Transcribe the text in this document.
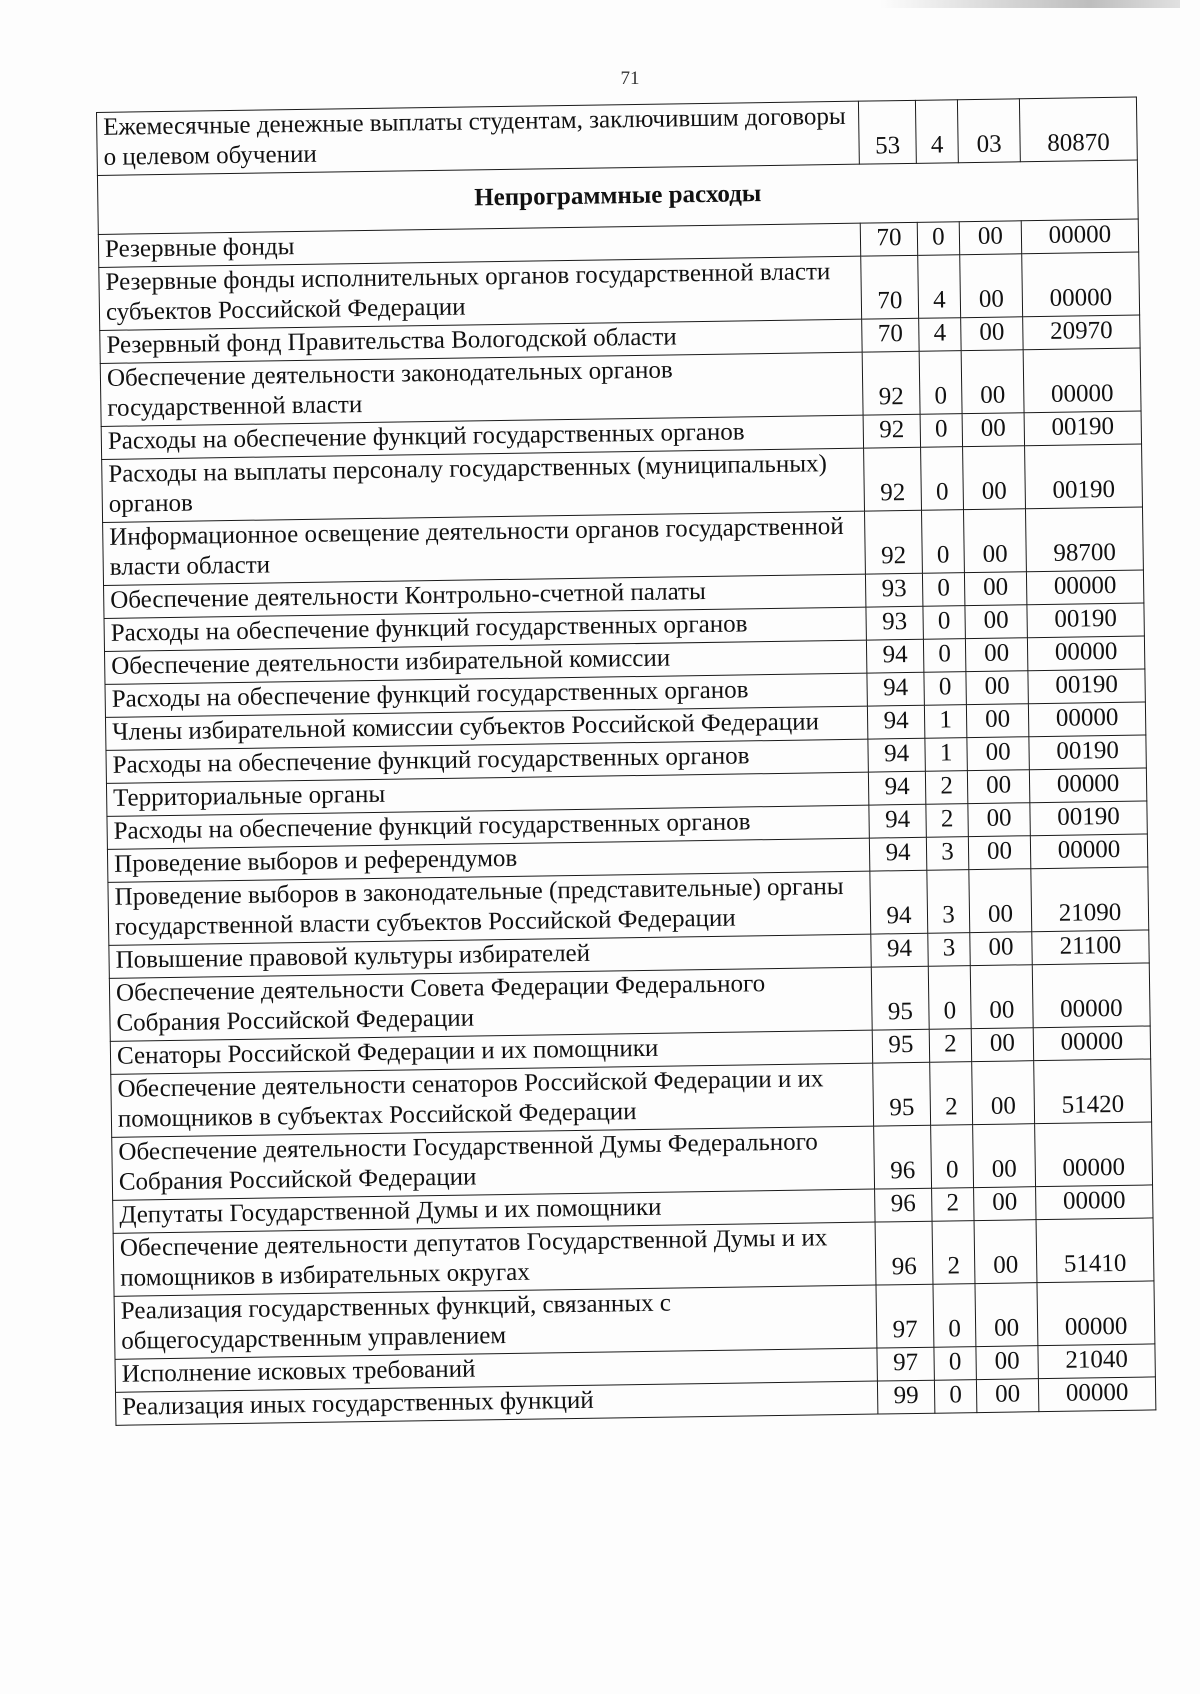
71
Ежемесячные денежные выплаты студентам, заключившим договоры о целевом обучении	53	4	03	80870
Непрограммные расходы				
Резервные фонды	70	0	00	00000
Резервные фонды исполнительных органов государственной власти субъектов Российской Федерации	70	4	00	00000
Резервный фонд Правительства Вологодской области	70	4	00	20970
Обеспечение деятельности законодательных органов государственной власти	92	0	00	00000
Расходы на обеспечение функций государственных органов	92	0	00	00190
Расходы на выплаты персоналу государственных (муниципальных) органов	92	0	00	00190
Информационное освещение деятельности органов государственной власти области	92	0	00	98700
Обеспечение деятельности Контрольно-счетной палаты	93	0	00	00000
Расходы на обеспечение функций государственных органов	93	0	00	00190
Обеспечение деятельности избирательной комиссии	94	0	00	00000
Расходы на обеспечение функций государственных органов	94	0	00	00190
Члены избирательной комиссии субъектов Российской Федерации	94	1	00	00000
Расходы на обеспечение функций государственных органов	94	1	00	00190
Территориальные органы	94	2	00	00000
Расходы на обеспечение функций государственных органов	94	2	00	00190
Проведение выборов и референдумов	94	3	00	00000
Проведение выборов в законодательные (представительные) органы государственной власти субъектов Российской Федерации	94	3	00	21090
Повышение правовой культуры избирателей	94	3	00	21100
Обеспечение деятельности Совета Федерации Федерального Собрания Российской Федерации	95	0	00	00000
Сенаторы Российской Федерации и их помощники	95	2	00	00000
Обеспечение деятельности сенаторов Российской Федерации и их помощников в субъектах Российской Федерации	95	2	00	51420
Обеспечение деятельности Государственной Думы Федерального Собрания Российской Федерации	96	0	00	00000
Депутаты Государственной Думы и их помощники	96	2	00	00000
Обеспечение деятельности депутатов Государственной Думы и их помощников в избирательных округах	96	2	00	51410
Реализация государственных функций, связанных с общегосударственным управлением	97	0	00	00000
Исполнение исковых требований	97	0	00	21040
Реализация иных государственных функций	99	0	00	00000
